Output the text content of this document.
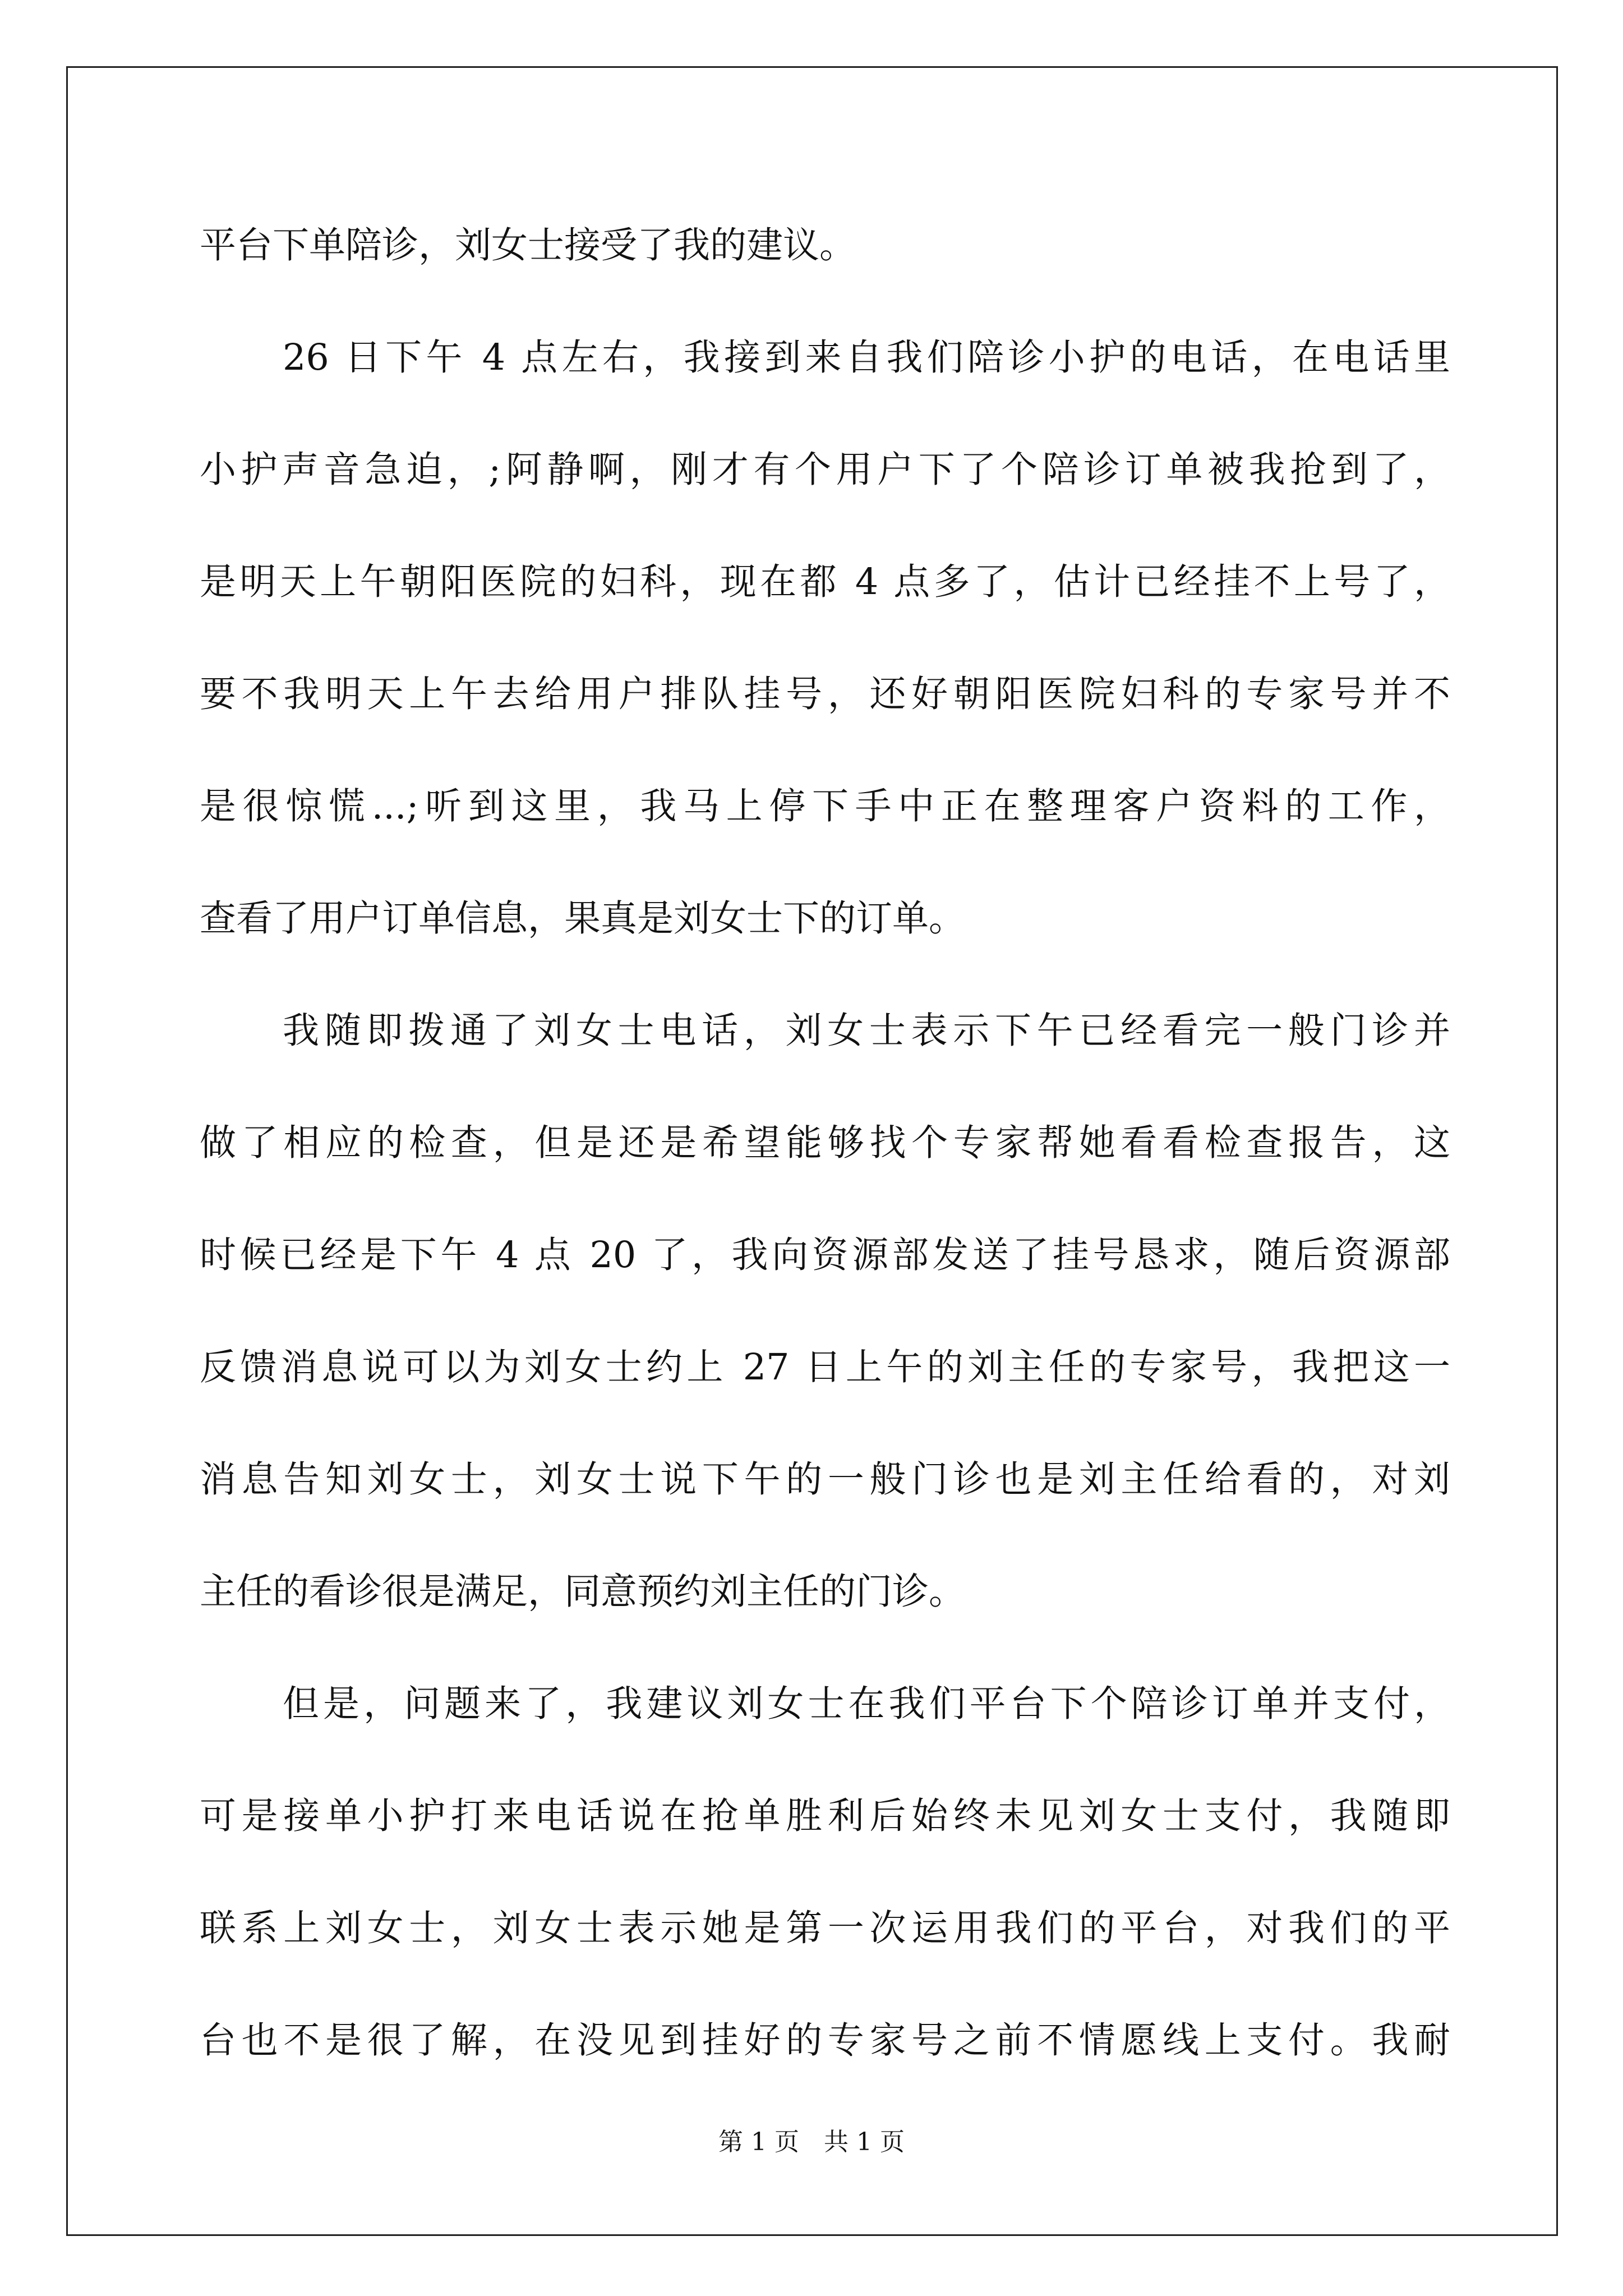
平台下单陪诊，刘女士接受了我的建议。
26 日下午 4 点左右，我接到来自我们陪诊小护的电话，在电话里
小护声音急迫，;阿静啊，刚才有个用户下了个陪诊订单被我抢到了，
是明天上午朝阳医院的妇科，现在都 4 点多了，估计已经挂不上号了，
要不我明天上午去给用户排队挂号，还好朝阳医院妇科的专家号并不
是很惊慌...;听到这里，我马上停下手中正在整理客户资料的工作，
查看了用户订单信息，果真是刘女士下的订单。
我随即拨通了刘女士电话，刘女士表示下午已经看完一般门诊并
做了相应的检查，但是还是希望能够找个专家帮她看看检查报告，这
时候已经是下午 4 点 20 了，我向资源部发送了挂号恳求，随后资源部
反馈消息说可以为刘女士约上 27 日上午的刘主任的专家号，我把这一
消息告知刘女士，刘女士说下午的一般门诊也是刘主任给看的，对刘
主任的看诊很是满足，同意预约刘主任的门诊。
但是，问题来了，我建议刘女士在我们平台下个陪诊订单并支付，
可是接单小护打来电话说在抢单胜利后始终未见刘女士支付，我随即
联系上刘女士，刘女士表示她是第一次运用我们的平台，对我们的平
台也不是很了解，在没见到挂好的专家号之前不情愿线上支付。我耐
第 1 页 共 1 页
